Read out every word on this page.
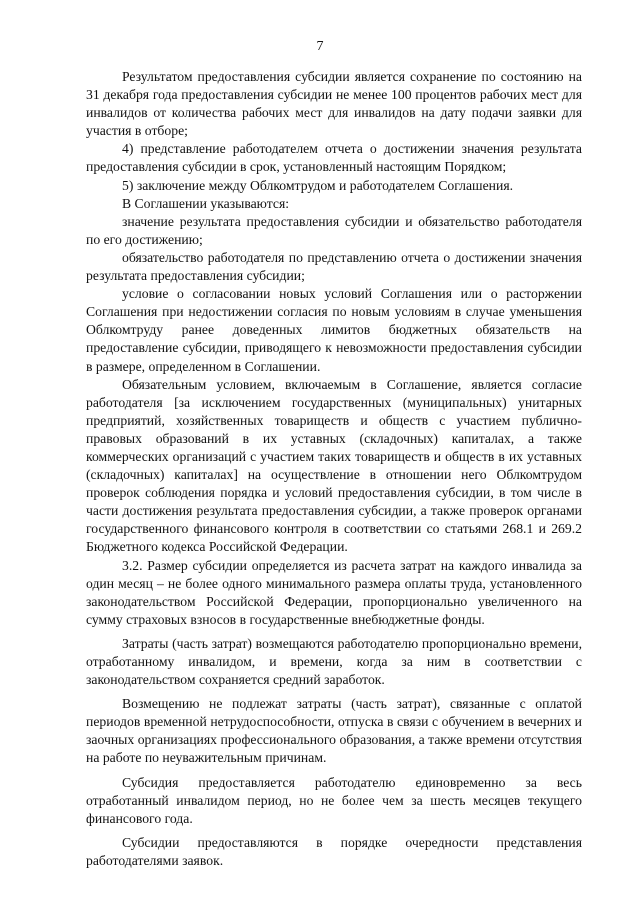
7

Результатом предоставления субсидии является сохранение по состоянию на 31 декабря года предоставления субсидии не менее 100 процентов рабочих мест для инвалидов от количества рабочих мест для инвалидов на дату подачи заявки для участия в отборе;

4) представление работодателем отчета о достижении значения результата предоставления субсидии в срок, установленный настоящим Порядком;

5) заключение между Облкомтрудом и работодателем Соглашения.

В Соглашении указываются:

значение результата предоставления субсидии и обязательство работодателя по его достижению;

обязательство работодателя по представлению отчета о достижении значения результата предоставления субсидии;

условие о согласовании новых условий Соглашения или о расторжении Соглашения при недостижении согласия по новым условиям в случае уменьшения Облкомтруду ранее доведенных лимитов бюджетных обязательств на предоставление субсидии, приводящего к невозможности предоставления субсидии в размере, определенном в Соглашении.

Обязательным условием, включаемым в Соглашение, является согласие работодателя [за исключением государственных (муниципальных) унитарных предприятий, хозяйственных товариществ и обществ с участием публично-правовых образований в их уставных (складочных) капиталах, а также коммерческих организаций с участием таких товариществ и обществ в их уставных (складочных) капиталах] на осуществление в отношении него Облкомтрудом проверок соблюдения порядка и условий предоставления субсидии, в том числе в части достижения результата предоставления субсидии, а также проверок органами государственного финансового контроля в соответствии со статьями 268.1 и 269.2 Бюджетного кодекса Российской Федерации.

3.2. Размер субсидии определяется из расчета затрат на каждого инвалида за один месяц – не более одного минимального размера оплаты труда, установленного законодательством Российской Федерации, пропорционально увеличенного на сумму страховых взносов в государственные внебюджетные фонды.

Затраты (часть затрат) возмещаются работодателю пропорционально времени, отработанному инвалидом, и времени, когда за ним в соответствии с законодательством сохраняется средний заработок.

Возмещению не подлежат затраты (часть затрат), связанные с оплатой периодов временной нетрудоспособности, отпуска в связи с обучением в вечерних и заочных организациях профессионального образования, а также времени отсутствия на работе по неуважительным причинам.

Субсидия предоставляется работодателю единовременно за весь отработанный инвалидом период, но не более чем за шесть месяцев текущего финансового года.

Субсидии предоставляются в порядке очередности представления работодателями заявок.
